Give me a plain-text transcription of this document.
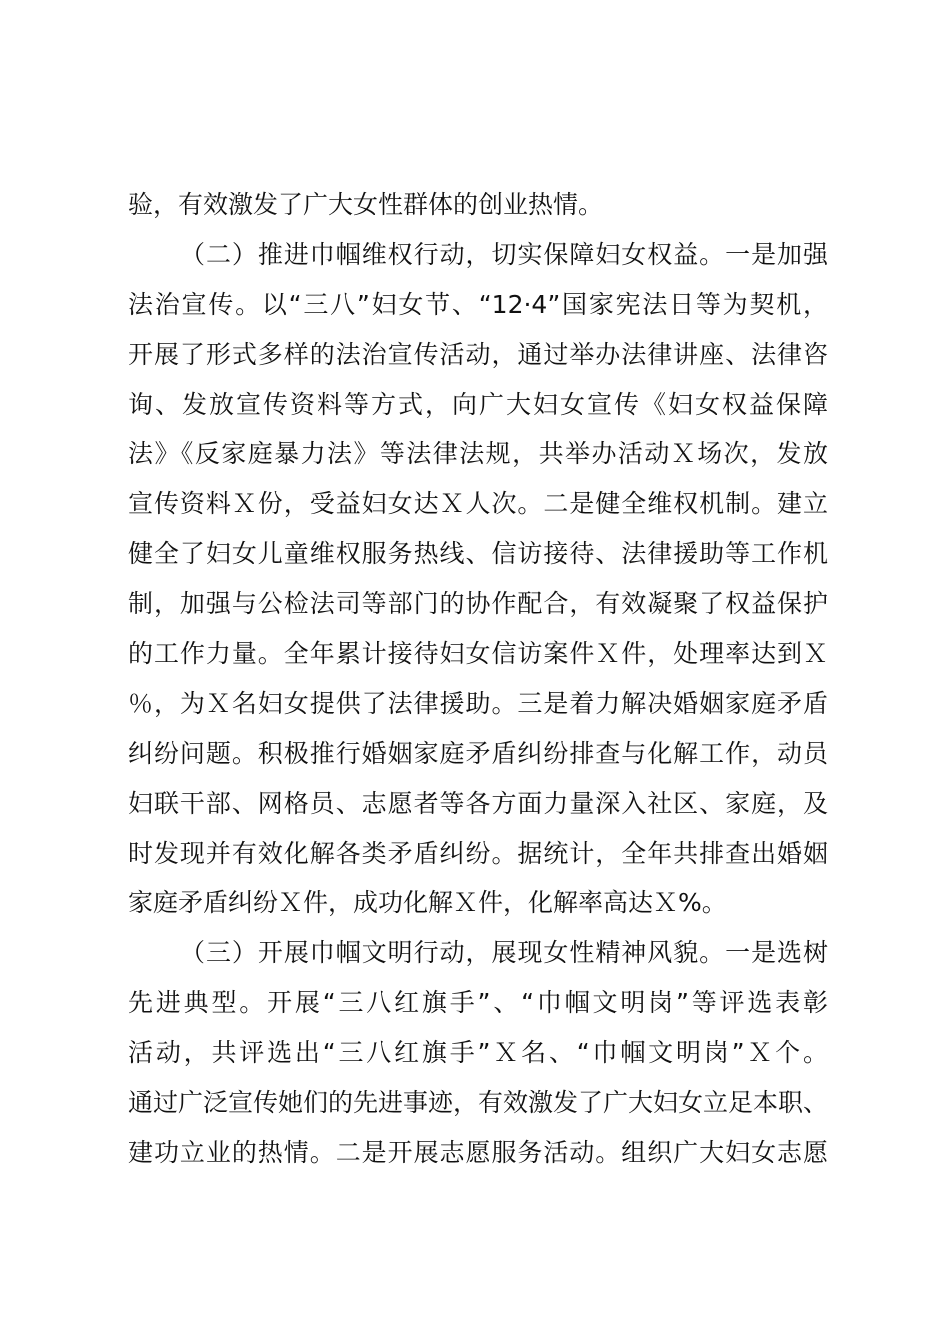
验，有效激发了广大女性群体的创业热情。
（二）推进巾帼维权行动，切实保障妇女权益。一是加强
法治宣传。以“三八”妇女节、“12·4”国家宪法日等为契机，
开展了形式多样的法治宣传活动，通过举办法律讲座、法律咨
询、发放宣传资料等方式，向广大妇女宣传《妇女权益保障
法》《反家庭暴力法》等法律法规，共举办活动Ｘ场次，发放
宣传资料Ｘ份，受益妇女达Ｘ人次。二是健全维权机制。建立
健全了妇女儿童维权服务热线、信访接待、法律援助等工作机
制，加强与公检法司等部门的协作配合，有效凝聚了权益保护
的工作力量。全年累计接待妇女信访案件Ｘ件，处理率达到Ｘ
％，为Ｘ名妇女提供了法律援助。三是着力解决婚姻家庭矛盾
纠纷问题。积极推行婚姻家庭矛盾纠纷排查与化解工作，动员
妇联干部、网格员、志愿者等各方面力量深入社区、家庭，及
时发现并有效化解各类矛盾纠纷。据统计，全年共排查出婚姻
家庭矛盾纠纷Ｘ件，成功化解Ｘ件，化解率高达Ｘ%。
（三）开展巾帼文明行动，展现女性精神风貌。一是选树
先进典型。开展“三八红旗手”、“巾帼文明岗”等评选表彰
活动，共评选出“三八红旗手”Ｘ名、“巾帼文明岗”Ｘ个。
通过广泛宣传她们的先进事迹，有效激发了广大妇女立足本职、
建功立业的热情。二是开展志愿服务活动。组织广大妇女志愿
